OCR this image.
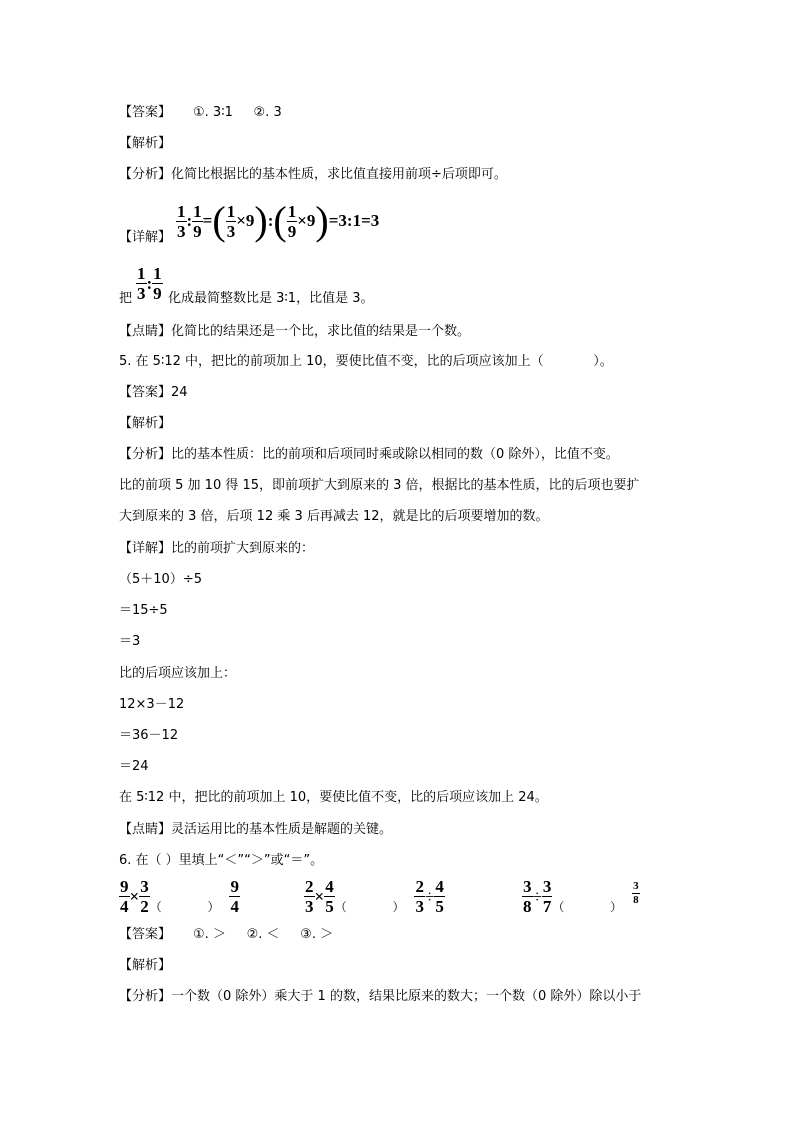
【答案】 ①. 3∶1     ②. 3
【解析】
【分析】化简比根据比的基本性质，求比值直接用前项÷后项即可。
【详解】 $\frac{1}{3}$ : $\frac{1}{9}$ = ( $\frac{1}{3} \times 9$ ) : ( $\frac{1}{9} \times 9$ ) =3:1=3
$\frac{1}{3}$ : $\frac{1}{9}$
把	化成最简整数比是 3∶1，比值是 3。
【点睛】化简比的结果还是一个比，求比值的结果是一个数。
5. 在 5∶12 中，把比的前项加上 10，要使比值不变，比的后项应该加上（            ）。
【答案】24
【解析】
【分析】比的基本性质：比的前项和后项同时乘或除以相同的数（0 除外），比值不变。
比的前项 5 加 10 得 15，即前项扩大到原来的 3 倍，根据比的基本性质，比的后项也要扩
大到原来的 3 倍，后项 12 乘 3 后再减去 12，就是比的后项要增加的数。
【详解】比的前项扩大到原来的：
（5＋10）÷5
＝15÷5
＝3
比的后项应该加上：
12×3－12
＝36－12
＝24
在 5∶12 中，把比的前项加上 10，要使比值不变，比的后项应该加上 24。
【点睛】灵活运用比的基本性质是解题的关键。
6. 在（ ）里填上“＜”“＞”或“＝”。
$\frac{9}{4} \times \frac{3}{2}$ （            ） $\frac{9}{4}$	$\frac{2}{3} \times \frac{4}{5}$ （            ） $\frac{2}{3} \div \frac{4}{5}$	$\frac{3}{8} \div \frac{3}{7}$ （            ）
$\frac{3}{8}$
【答案】 ①. ＞     ②. ＜     ③. ＞
【解析】
【分析】一个数（0 除外）乘大于 1 的数，结果比原来的数大；一个数（0 除外）除以小于
